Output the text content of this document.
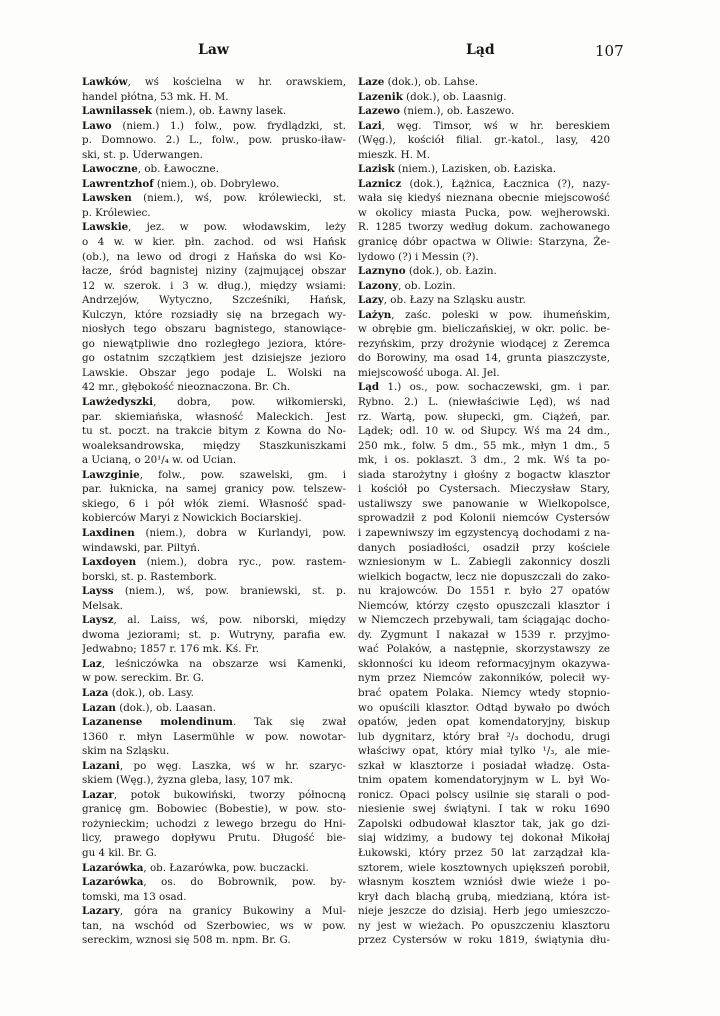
Law	Ląd	107
Lawków, wś kościelna w hr. orawskiem,
handel płótna, 53 mk. H. M.
Lawnilassek (niem.), ob. Ławny lasek.
Lawo (niem.) 1.) folw., pow. frydlądzki, st.
p. Domnowo. 2.) L., folw., pow. prusko-iław-
ski, st. p. Uderwangen.
Lawoczne, ob. Ławoczne.
Lawrentzhof (niem.), ob. Dobrylewo.
Lawsken (niem.), wś, pow. królewiecki, st.
p. Królewiec.
Lawskie, jez. w pow. włodawskim, leży
o 4 w. w kier. płn. zachod. od wsi Hańsk
(ob.), na lewo od drogi z Hańska do wsi Ko-
łacze, śród bagnistej niziny (zajmującej obszar
12 w. szerok. i 3 w. dług.), między wsiami:
Andrzejów, Wytyczno, Szcześniki, Hańsk,
Kulczyn, które rozsiadły się na brzegach wy-
niosłych tego obszaru bagnistego, stanowiące-
go niewątpliwie dno rozległego jeziora, które-
go ostatnim szczątkiem jest dzisiejsze jezioro
Lawskie. Obszar jego podaje L. Wolski na
42 mr., głębokość nieoznaczona. Br. Ch.
Lawżedyszki, dobra, pow. wiłkomierski,
par. skiemiańska, własność Maleckich. Jest
tu st. poczt. na trakcie bitym z Kowna do No-
woaleksandrowska, między Staszkuniszkami
a Ucianą, o 20¹/₄ w. od Ucian.
Lawzginie, folw., pow. szawelski, gm. i
par. łuknicka, na samej granicy pow. telszew-
skiego, 6 i pół włók ziemi. Własność spad-
kobierców Maryi z Nowickich Bociarskiej.
Laxdinen (niem.), dobra w Kurlandyi, pow.
windawski, par. Piltyń.
Laxdoyen (niem.), dobra ryc., pow. rastem-
borski, st. p. Rastembork.
Layss (niem.), wś, pow. braniewski, st. p.
Melsak.
Laysz, al. Laiss, wś, pow. niborski, między
dwoma jeziorami; st. p. Wutryny, parafia ew.
Jedwabno; 1857 r. 176 mk. Kś. Fr.
Laz, leśniczówka na obszarze wsi Kamenki,
w pow. sereckim. Br. G.
Laza (dok.), ob. Lasy.
Lazan (dok.), ob. Laasan.
Lazanense molendinum. Tak się zwał
1360 r. młyn Lasermühle w pow. nowotar-
skim na Szląsku.
Lazani, po węg. Laszka, wś w hr. szaryc-
skiem (Węg.), żyzna gleba, lasy, 107 mk.
Lazar, potok bukowiński, tworzy północną
granicę gm. Bobowiec (Bobestie), w pow. sto-
rożynieckim; uchodzi z lewego brzegu do Hni-
licy, prawego dopływu Prutu. Długość bie-
gu 4 kil. Br. G.
Lazarówka, ob. Łazarówka, pow. buczacki.
Lazarówka, os. do Bobrownik, pow. by-
tomski, ma 13 osad.
Lazary, góra na granicy Bukowiny a Mul-
tan, na wschód od Szerbowiec, ws w pow.
sereckim, wznosi się 508 m. npm. Br. G.
Laze (dok.), ob. Lahse.
Lazenik (dok.), ob. Laasnig.
Lazewo (niem.), ob. Łaszewo.
Lazi, węg. Timsor, wś w hr. bereskiem
(Węg.), kościół filial. gr.-katol., lasy, 420
mieszk. H. M.
Lazisk (niem.), Lazisken, ob. Łaziska.
Laznicz (dok.), Łążnica, Łacznica (?), nazy-
wała się kiedyś nieznana obecnie miejscowość
w okolicy miasta Pucka, pow. wejherowski.
R. 1285 tworzy według dokum. zachowanego
granicę dóbr opactwa w Oliwie: Starzyna, Że-
lydowo (?) i Messin (?).
Laznyno (dok.), ob. Łazin.
Lazony, ob. Lozin.
Lazy, ob. Łazy na Szląsku austr.
Lażyn, zaśc. poleski w pow. ihumeńskim,
w obrębie gm. bieliczańskiej, w okr. polic. be-
rezyńskim, przy drożynie wiodącej z Zeremca
do Borowiny, ma osad 14, grunta piaszczyste,
miejscowość uboga. Al. Jel.
Ląd 1.) os., pow. sochaczewski, gm. i par.
Rybno. 2.) L. (niewłaściwie Lęd), wś nad
rz. Wartą, pow. słupecki, gm. Ciążeń, par.
Lądek; odl. 10 w. od Słupcy. Wś ma 24 dm.,
250 mk., folw. 5 dm., 55 mk., młyn 1 dm., 5
mk, i os. poklaszt. 3 dm., 2 mk. Wś ta po-
siada starożytny i głośny z bogactw klasztor
i kościół po Cystersach. Mieczysław Stary,
ustaliwszy swe panowanie w Wielkopolsce,
sprowadził z pod Kolonii niemców Cystersów
i zapewniwszy im egzystencyą dochodami z na-
danych posiadłości, osadził przy kościele
wzniesionym w L. Zabiegli zakonnicy doszli
wielkich bogactw, lecz nie dopuszczali do zako-
nu krajowców. Do 1551 r. było 27 opatów
Niemców, którzy często opuszczali klasztor i
w Niemczech przebywali, tam ściągając docho-
dy. Zygmunt I nakazał w 1539 r. przyjmo-
wać Polaków, a następnie, skorzystawszy ze
skłonności ku ideom reformacyjnym okazywa-
nym przez Niemców zakonników, polecił wy-
brać opatem Polaka. Niemcy wtedy stopnio-
wo opuścili klasztor. Odtąd bywało po dwóch
opatów, jeden opat komendatoryjny, biskup
lub dygnitarz, który brał ²/₃ dochodu, drugi
właściwy opat, który miał tylko ¹/₃, ale mie-
szkał w klasztorze i posiadał władzę. Osta-
tnim opatem komendatoryjnym w L. był Wo-
ronicz. Opaci polscy usilnie się starali o pod-
niesienie swej świątyni. I tak w roku 1690
Zapolski odbudował klasztor tak, jak go dzi-
siaj widzimy, a budowy tej dokonał Mikołaj
Łukowski, który przez 50 lat zarządzał kla-
sztorem, wiele kosztownych upiększeń porobił,
własnym kosztem wzniósł dwie wieże i po-
krył dach blachą grubą, miedzianą, która ist-
nieje jeszcze do dzisiaj. Herb jego umieszczo-
ny jest w wieżach. Po opuszczeniu klasztoru
przez Cystersów w roku 1819, świątynia dłu-
